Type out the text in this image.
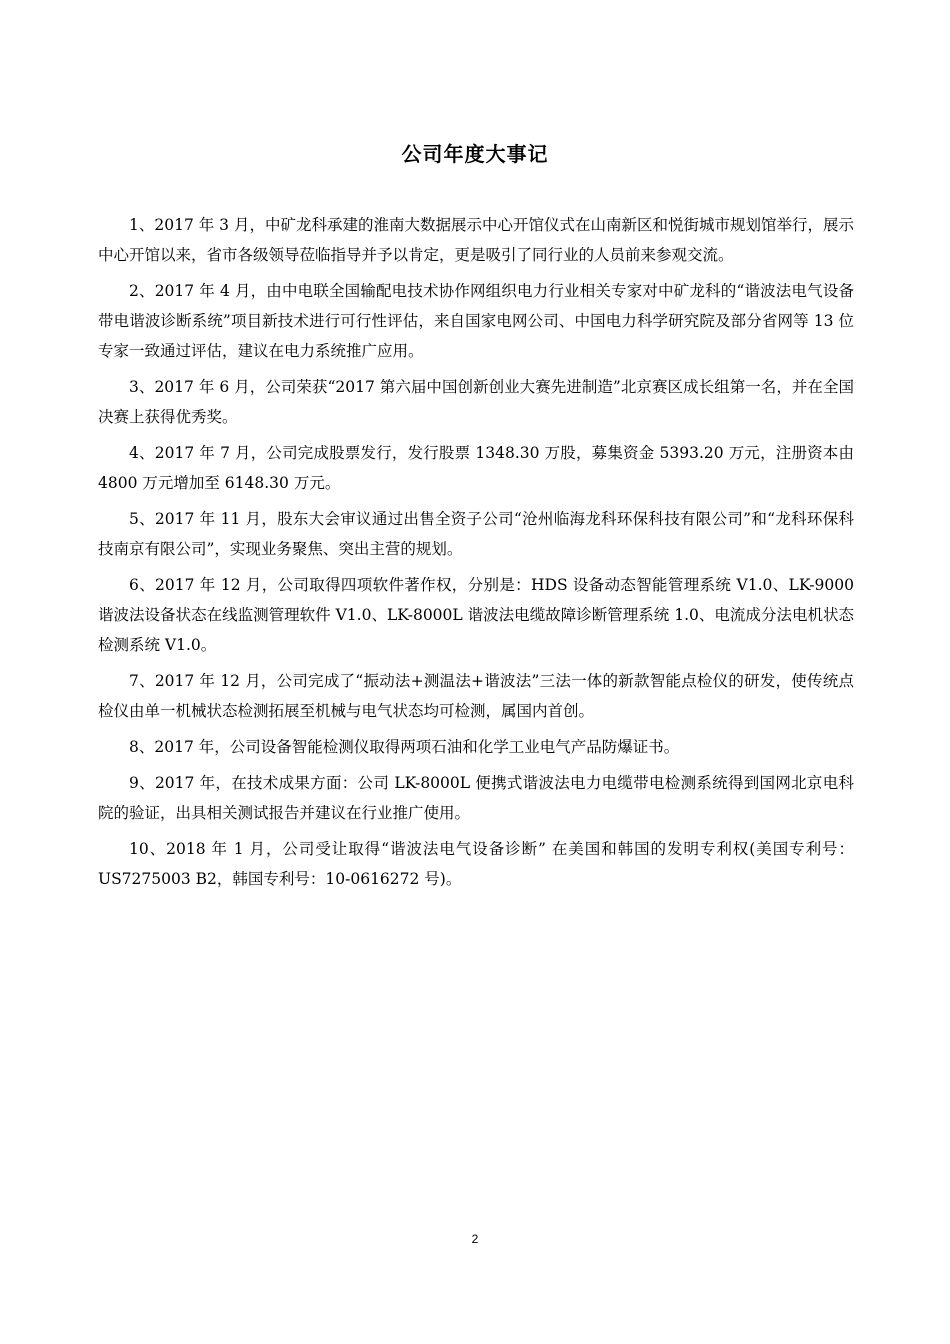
公司年度大事记

1、2017 年 3 月，中矿龙科承建的淮南大数据展示中心开馆仪式在山南新区和悦街城市规划馆举行，展示中心开馆以来，省市各级领导莅临指导并予以肯定，更是吸引了同行业的人员前来参观交流。

2、2017 年 4 月，由中电联全国输配电技术协作网组织电力行业相关专家对中矿龙科的“谐波法电气设备带电谐波诊断系统”项目新技术进行可行性评估，来自国家电网公司、中国电力科学研究院及部分省网等 13 位专家一致通过评估，建议在电力系统推广应用。

3、2017 年 6 月，公司荣获“2017 第六届中国创新创业大赛先进制造”北京赛区成长组第一名，并在全国决赛上获得优秀奖。

4、2017 年 7 月，公司完成股票发行，发行股票 1348.30 万股，募集资金 5393.20 万元，注册资本由 4800 万元增加至 6148.30 万元。

5、2017 年 11 月，股东大会审议通过出售全资子公司“沧州临海龙科环保科技有限公司”和“龙科环保科技南京有限公司”，实现业务聚焦、突出主营的规划。

6、2017 年 12 月，公司取得四项软件著作权，分别是：HDS 设备动态智能管理系统 V1.0、LK-9000 谐波法设备状态在线监测管理软件 V1.0、LK-8000L 谐波法电缆故障诊断管理系统 1.0、电流成分法电机状态检测系统 V1.0。

7、2017 年 12 月，公司完成了“振动法+测温法+谐波法”三法一体的新款智能点检仪的研发，使传统点检仪由单一机械状态检测拓展至机械与电气状态均可检测，属国内首创。

8、2017 年，公司设备智能检测仪取得两项石油和化学工业电气产品防爆证书。

9、2017 年，在技术成果方面：公司 LK-8000L 便携式谐波法电力电缆带电检测系统得到国网北京电科院的验证，出具相关测试报告并建议在行业推广使用。

10、2018 年 1 月，公司受让取得“谐波法电气设备诊断” 在美国和韩国的发明专利权(美国专利号：US7275003 B2，韩国专利号：10-0616272 号)。

2
